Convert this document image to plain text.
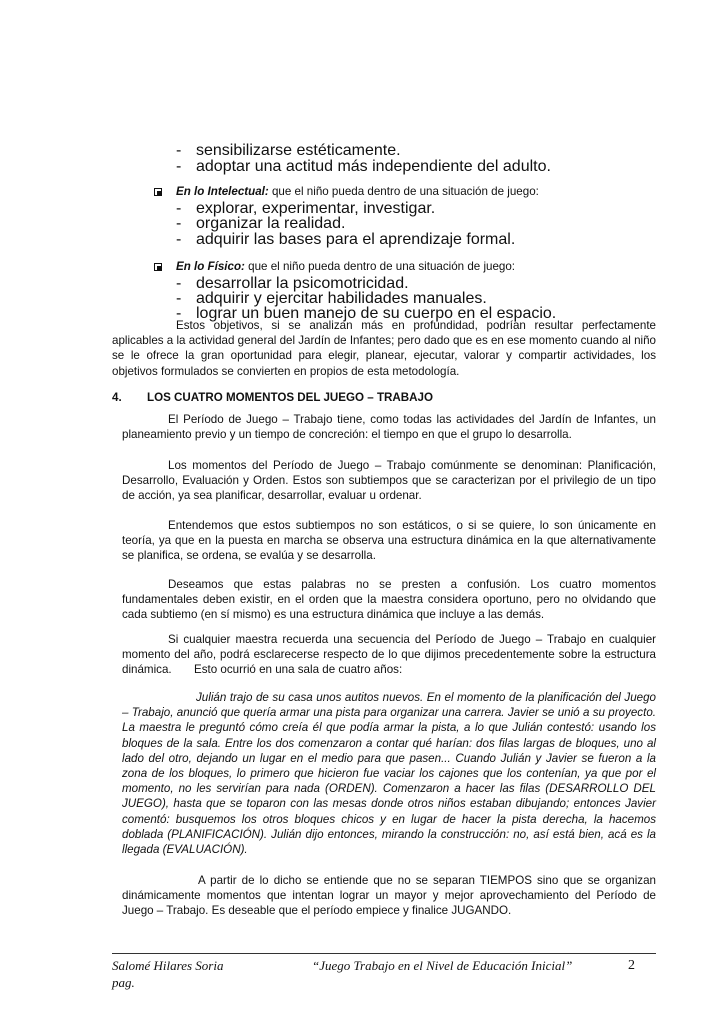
- sensibilizarse estéticamente.
- adoptar una actitud más independiente del adulto.
En lo Intelectual: que el niño pueda dentro de una situación de juego:
- explorar, experimentar, investigar.
- organizar la realidad.
- adquirir las bases para el aprendizaje formal.
En lo Físico: que el niño pueda dentro de una situación de juego:
- desarrollar la psicomotricidad.
- adquirir y ejercitar habilidades manuales.
- lograr un buen manejo de su cuerpo en el espacio.
Estos objetivos, si se analizan más en profundidad, podrían resultar perfectamente aplicables a la actividad general del Jardín de Infantes; pero dado que es en ese momento cuando al niño se le ofrece la gran oportunidad para elegir, planear, ejecutar, valorar y compartir actividades, los objetivos formulados se convierten en propios de esta metodología.
4. LOS CUATRO MOMENTOS DEL JUEGO – TRABAJO
El Período de Juego – Trabajo tiene, como todas las actividades del Jardín de Infantes, un planeamiento previo y un tiempo de concreción: el tiempo en que el grupo lo desarrolla.
Los momentos del Período de Juego – Trabajo comúnmente se denominan: Planificación, Desarrollo, Evaluación y Orden. Estos son subtiempos que se caracterizan por el privilegio de un tipo de acción, ya sea planificar, desarrollar, evaluar u ordenar.
Entendemos que estos subtiempos no son estáticos, o si se quiere, lo son únicamente en teoría, ya que en la puesta en marcha se observa una estructura dinámica en la que alternativamente se planifica, se ordena, se evalúa y se desarrolla.
Deseamos que estas palabras no se presten a confusión. Los cuatro momentos fundamentales deben existir, en el orden que la maestra considera oportuno, pero no olvidando que cada subtiemo (en sí mismo) es una estructura dinámica que incluye a las demás.
Si cualquier maestra recuerda una secuencia del Período de Juego – Trabajo en cualquier momento del año, podrá esclarecerse respecto de lo que dijimos precedentemente sobre la estructura dinámica.	Esto ocurrió en una sala de cuatro años:
Julián trajo de su casa unos autitos nuevos. En el momento de la planificación del Juego – Trabajo, anunció que quería armar una pista para organizar una carrera. Javier se unió a su proyecto. La maestra le preguntó cómo creía él que podía armar la pista, a lo que Julián contestó: usando los bloques de la sala. Entre los dos comenzaron a contar qué harían: dos filas largas de bloques, uno al lado del otro, dejando un lugar en el medio para que pasen... Cuando Julián y Javier se fueron a la zona de los bloques, lo primero que hicieron fue vaciar los cajones que los contenían, ya que por el momento, no les servirían para nada (ORDEN). Comenzaron a hacer las filas (DESARROLLO DEL JUEGO), hasta que se toparon con las mesas donde otros niños estaban dibujando; entonces Javier comentó: busquemos los otros bloques chicos y en lugar de hacer la pista derecha, la hacemos doblada (PLANIFICACIÓN). Julián dijo entonces, mirando la construcción: no, así está bien, acá es la llegada (EVALUACIÓN).
A partir de lo dicho se entiende que no se separan TIEMPOS sino que se organizan dinámicamente momentos que intentan lograr un mayor y mejor aprovechamiento del Período de Juego – Trabajo. Es deseable que el período empiece y finalice JUGANDO.
Salomé Hilares Soria	“Juego Trabajo en el Nivel de Educación Inicial”	2
pag.
